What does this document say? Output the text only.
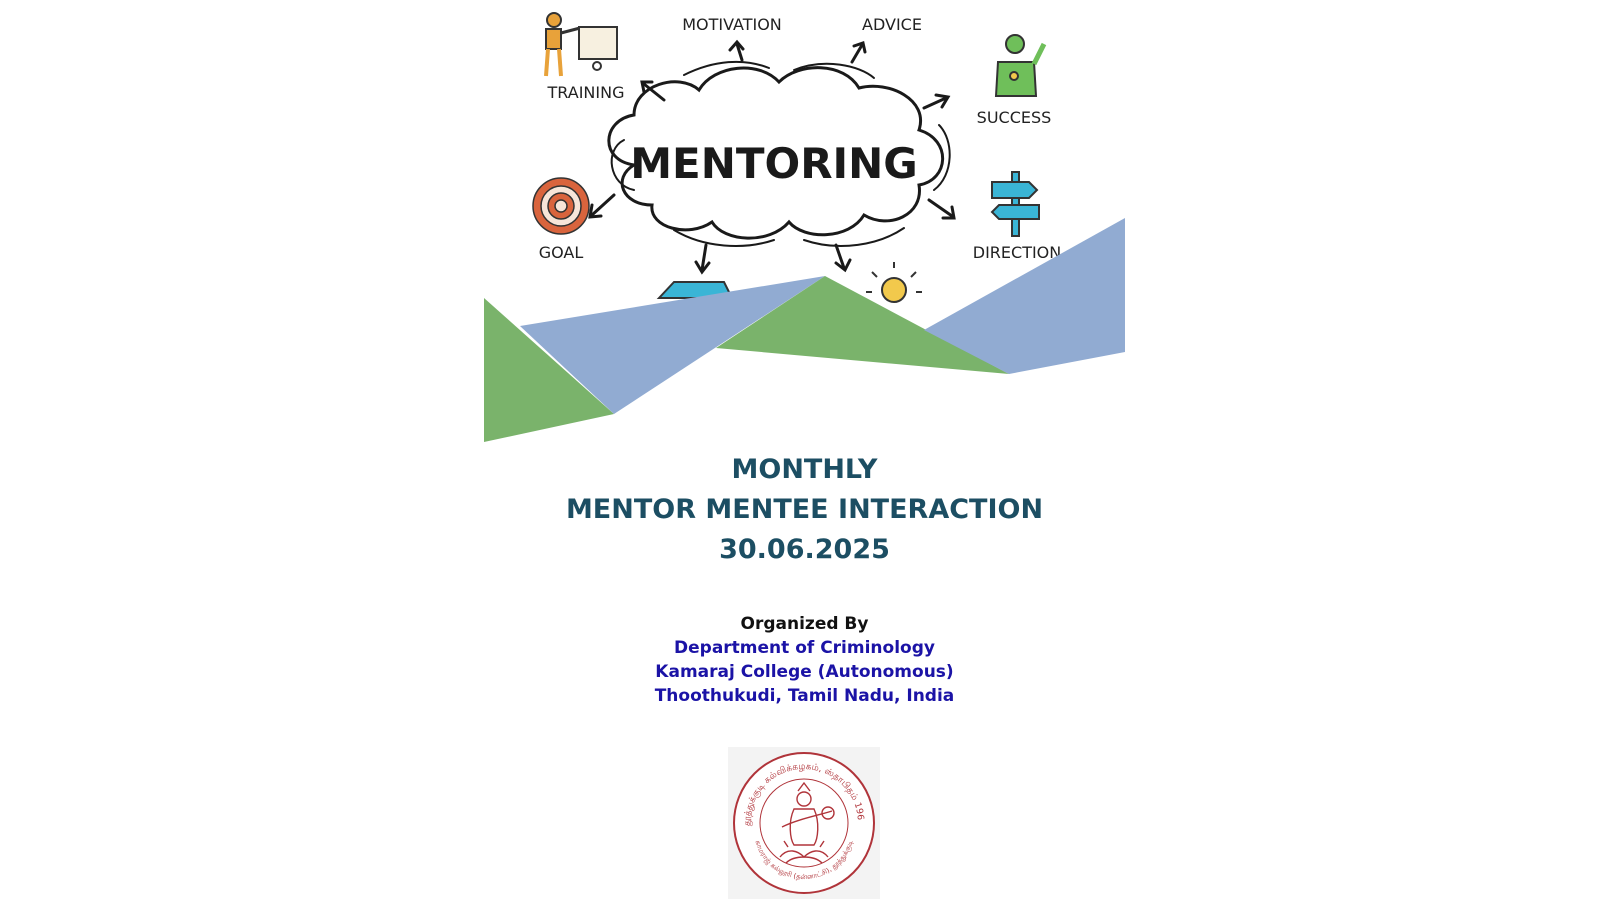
MENTORING
MOTIVATION	ADVICE
TRAINING
SUCCESS
GOAL	DIRECTION
MONTHLY
MENTOR MENTEE INTERACTION
30.06.2025
Organized By
Department of Criminology
Kamaraj College (Autonomous)
Thoothukudi, Tamil Nadu, India
தூத்துக்குடி கல்விக்கழகம், ஸ்தாபிதம் 196
காமராஜ் கல்லூரி (தன்னாட்சி), தூத்துக்குடி
